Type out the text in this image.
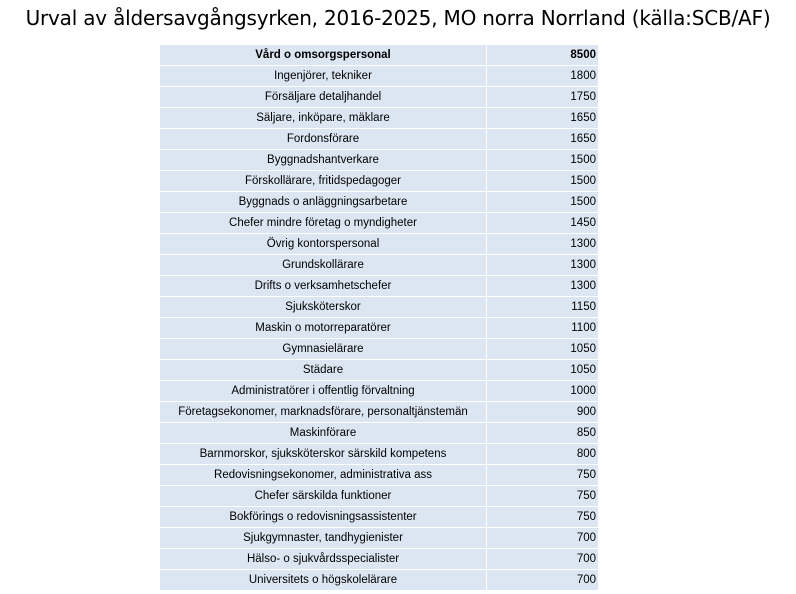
Urval av åldersavgångsyrken, 2016-2025, MO norra Norrland (källa:SCB/AF)
Vård o omsorgspersonal	8500
Ingenjörer, tekniker	1800
Försäljare detaljhandel	1750
Säljare, inköpare, mäklare	1650
Fordonsförare	1650
Byggnadshantverkare	1500
Förskollärare, fritidspedagoger	1500
Byggnads o anläggningsarbetare	1500
Chefer mindre företag o myndigheter	1450
Övrig kontorspersonal	1300
Grundskollärare	1300
Drifts o verksamhetschefer	1300
Sjuksköterskor	1150
Maskin o motorreparatörer	1100
Gymnasielärare	1050
Städare	1050
Administratörer i offentlig förvaltning	1000
Företagsekonomer, marknadsförare, personaltjänstemän	900
Maskinförare	850
Barnmorskor, sjuksköterskor särskild kompetens	800
Redovisningsekonomer, administrativa ass	750
Chefer särskilda funktioner	750
Bokförings o redovisningsassistenter	750
Sjukgymnaster, tandhygienister	700
Hälso- o sjukvårdsspecialister	700
Universitets o högskolelärare	700
